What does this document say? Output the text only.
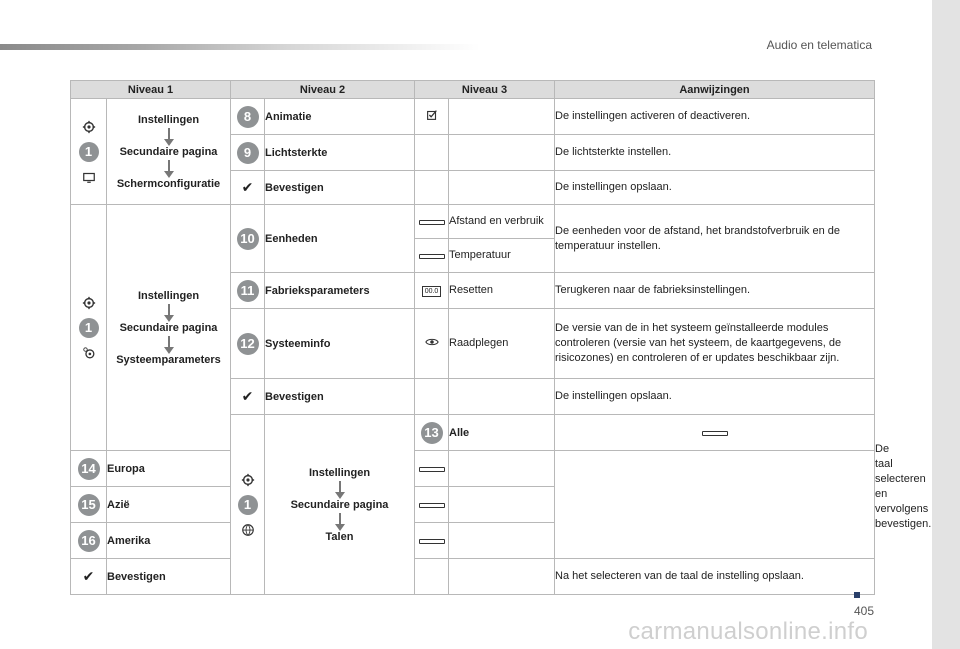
Audio en telematica
Niveau 1		Niveau 2		Niveau 3		Aanwijzingen	

1	Instellingen
Secundaire pagina
Schermconfiguratie	8	Animatie			De instellingen activeren of deactiveren.	
		9	Lichtsterkte			De lichtsterkte instellen.	
		✔	Bevestigen			De instellingen opslaan.	

1	Instellingen
Secundaire pagina
Systeemparameters	10	Eenheden		Afstand en verbruik	De eenheden voor de afstand, het brandstofverbruik en de temperatuur instellen.	
					Temperatuur		
		11	Fabrieksparameters	00.0	Resetten	Terugkeren naar de fabrieksinstellingen.	
		12	Systeeminfo		Raadplegen	De versie van de in het systeem geïnstalleerde modules controleren (versie van het systeem, de kaartgegevens, de risicozones) en controleren of er updates beschikbaar zijn.	
		✔	Bevestigen			De instellingen opslaan.	

1	Instellingen
Secundaire pagina
Talen	13	Alle			De taal selecteren en vervolgens bevestigen.
14	Europa						
15	Azië						
16	Amerika						
✔	Bevestigen					Na het selecteren van de taal de instelling opslaan.	
405
carmanualsonline.info
